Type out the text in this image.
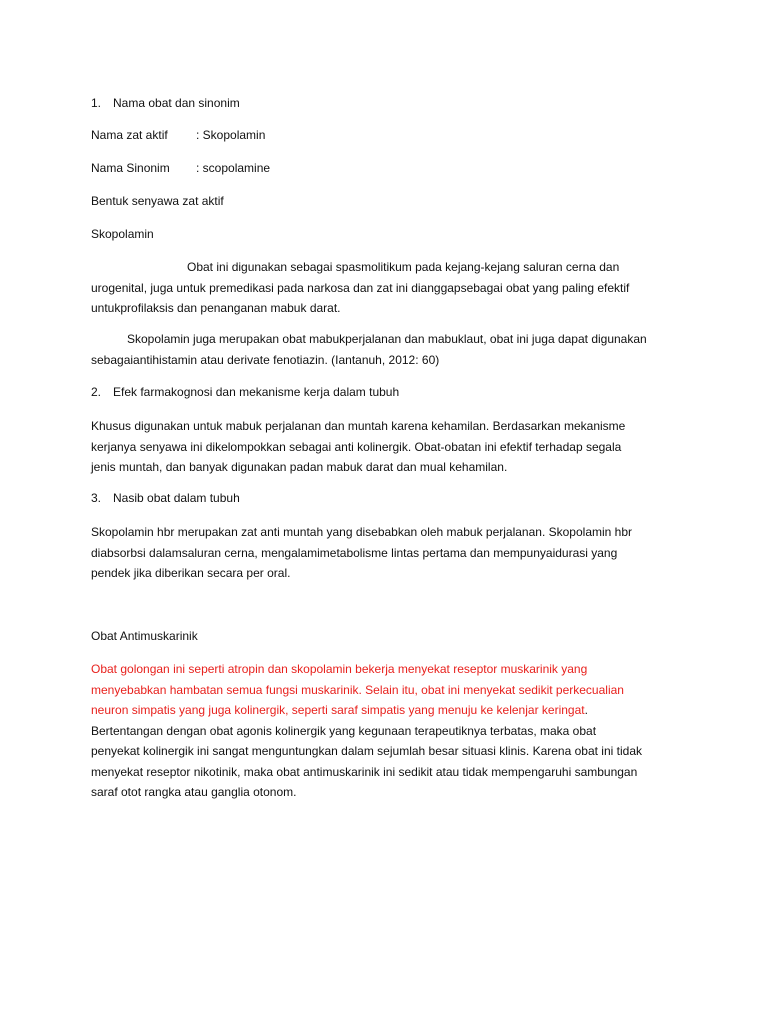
1. Nama obat dan sinonim
Nama zat aktif : Skopolamin
Nama Sinonim : scopolamine
Bentuk senyawa zat aktif
Skopolamin
Obat ini digunakan sebagai spasmolitikum pada kejang-kejang saluran cerna dan
urogenital, juga untuk premedikasi pada narkosa dan zat ini dianggapsebagai obat yang paling efektif
untukprofilaksis dan penanganan mabuk darat.
Skopolamin juga merupakan obat mabukperjalanan dan mabuklaut, obat ini juga dapat digunakan
sebagaiantihistamin atau derivate fenotiazin. (Iantanuh, 2012: 60)
2. Efek farmakognosi dan mekanisme kerja dalam tubuh
Khusus digunakan untuk mabuk perjalanan dan muntah karena kehamilan. Berdasarkan mekanisme
kerjanya senyawa ini dikelompokkan sebagai anti kolinergik. Obat-obatan ini efektif terhadap segala
jenis muntah, dan banyak digunakan padan mabuk darat dan mual kehamilan.
3. Nasib obat dalam tubuh
Skopolamin hbr merupakan zat anti muntah yang disebabkan oleh mabuk perjalanan. Skopolamin hbr
diabsorbsi dalamsaluran cerna, mengalamimetabolisme lintas pertama dan mempunyaidurasi yang
pendek jika diberikan secara per oral.
Obat Antimuskarinik
Obat golongan ini seperti atropin dan skopolamin bekerja menyekat reseptor muskarinik yang
menyebabkan hambatan semua fungsi muskarinik. Selain itu, obat ini menyekat sedikit perkecualian
neuron simpatis yang juga kolinergik, seperti saraf simpatis yang menuju ke kelenjar keringat.
Bertentangan dengan obat agonis kolinergik yang kegunaan terapeutiknya terbatas, maka obat
penyekat kolinergik ini sangat menguntungkan dalam sejumlah besar situasi klinis. Karena obat ini tidak
menyekat reseptor nikotinik, maka obat antimuskarinik ini sedikit atau tidak mempengaruhi sambungan
saraf otot rangka atau ganglia otonom.
